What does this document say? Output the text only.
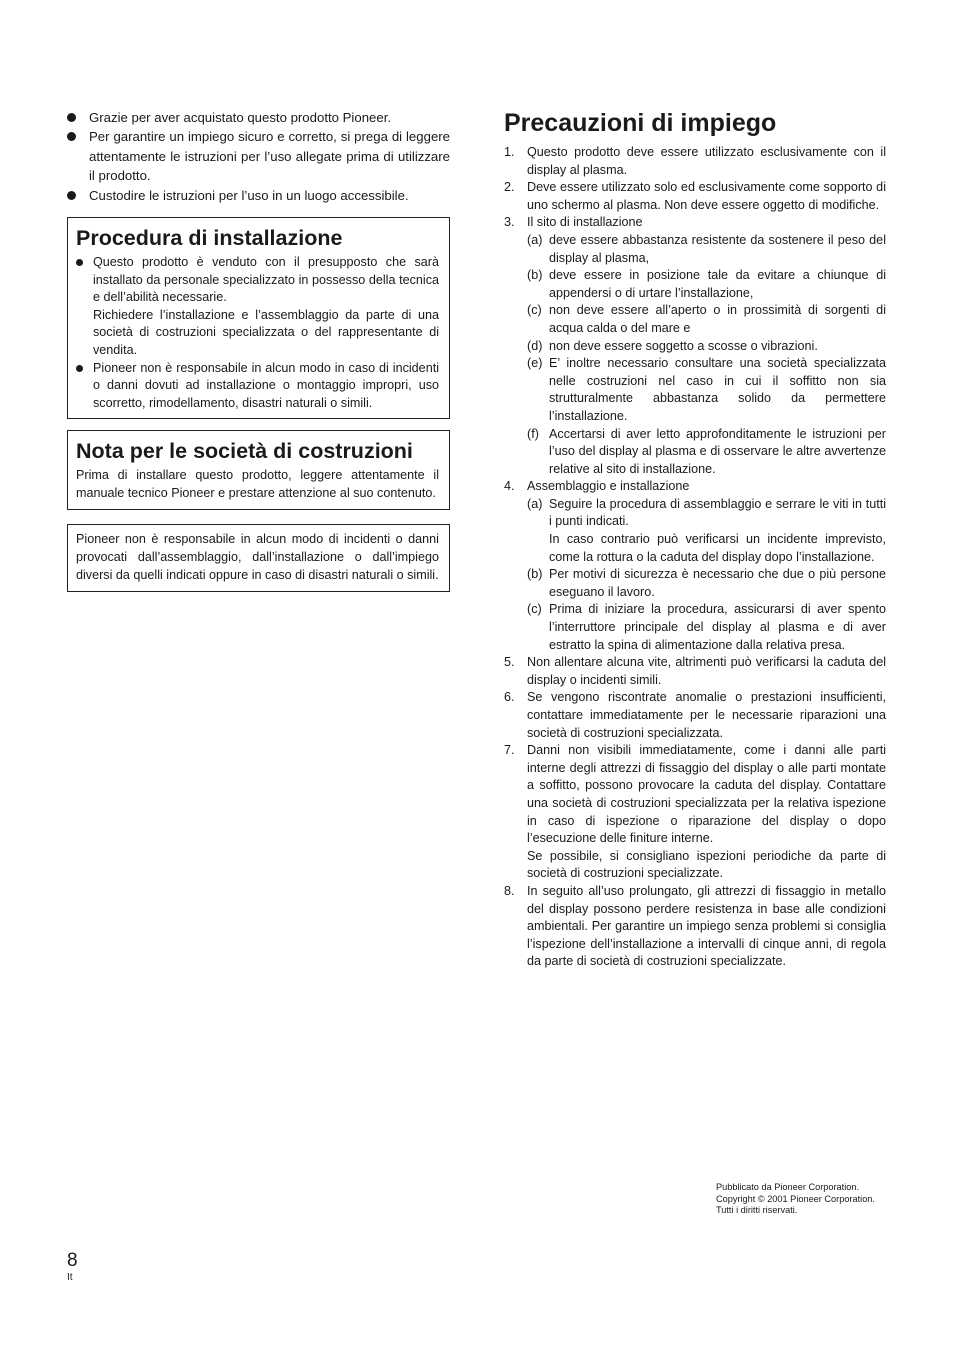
Grazie per aver acquistato questo prodotto Pioneer.
Per garantire un impiego sicuro e corretto, si prega di leggere attentamente le istruzioni per l’uso allegate prima di utilizzare il prodotto.
Custodire le istruzioni per l’uso in un luogo accessibile.
Procedura di installazione

Questo prodotto è venduto con il presupposto che sarà installato da personale specializzato in possesso della tecnica e dell’abilità necessarie.

Richiedere l’installazione e l’assemblaggio da parte di una società di costruzioni specializzata o del rappresentante di vendita.

Pioneer non è responsabile in alcun modo in caso di incidenti o danni dovuti ad installazione o montaggio impropri, uso scorretto, rimodellamento, disastri naturali o simili.

Nota per le società di costruzioni

Prima di installare questo prodotto, leggere attentamente il manuale tecnico Pioneer e prestare attenzione al suo contenuto.

Pioneer non è responsabile in alcun modo di incidenti o danni provocati dall’assemblaggio, dall’installazione o dall’impiego diversi da quelli indicati oppure in caso di disastri naturali o simili.

Precauzioni di impiego
1. Questo prodotto deve essere utilizzato esclusivamente con il display al plasma.

2. Deve essere utilizzato solo ed esclusivamente come sopporto di uno schermo al plasma. Non deve essere oggetto di modifiche.

3. Il sito di installazione

(a) deve essere abbastanza resistente da sostenere il peso del display al plasma,

(b) deve essere in posizione tale da evitare a chiunque di appendersi o di urtare l’installazione,

(c) non deve essere all’aperto o in prossimità di sorgenti di acqua calda o del mare e

(d) non deve essere soggetto a scosse o vibrazioni.

(e) E’ inoltre necessario consultare una società specializzata nelle costruzioni nel caso in cui il soffitto non sia strutturalmente abbastanza solido da permettere l’installazione.

(f) Accertarsi di aver letto approfonditamente le istruzioni per l’uso del display al plasma e di osservare le altre avvertenze relative al sito di installazione.

4. Assemblaggio e installazione

(a) Seguire la procedura di assemblaggio e serrare le viti in tutti i punti indicati.

In caso contrario può verificarsi un incidente imprevisto, come la rottura o la caduta del display dopo l’installazione.

(b) Per motivi di sicurezza è necessario che due o più persone eseguano il lavoro.

(c) Prima di iniziare la procedura, assicurarsi di aver spento l’interruttore principale del display al plasma e di aver estratto la spina di alimentazione dalla relativa presa.

5. Non allentare alcuna vite, altrimenti può verificarsi la caduta del display o incidenti simili.

6. Se vengono riscontrate anomalie o prestazioni insufficienti, contattare immediatamente per le necessarie riparazioni una società di costruzioni specializzata.

7. Danni non visibili immediatamente, come i danni alle parti interne degli attrezzi di fissaggio del display o alle parti montate a soffitto, possono provocare la caduta del display. Contattare una società di costruzioni specializzata per la relativa ispezione in caso di ispezione o riparazione del display o dopo l’esecuzione delle finiture interne.

Se possibile, si consigliano ispezioni periodiche da parte di società di costruzioni specializzate.

8. In seguito all’uso prolungato, gli attrezzi di fissaggio in metallo del display possono perdere resistenza in base alle condizioni ambientali. Per garantire un impiego senza problemi si consiglia l’ispezione dell’installazione a intervalli di cinque anni, di regola da parte di società di costruzioni specializzate.

Pubblicato da Pioneer Corporation.
Copyright © 2001 Pioneer Corporation.
Tutti i diritti riservati.
8
It
